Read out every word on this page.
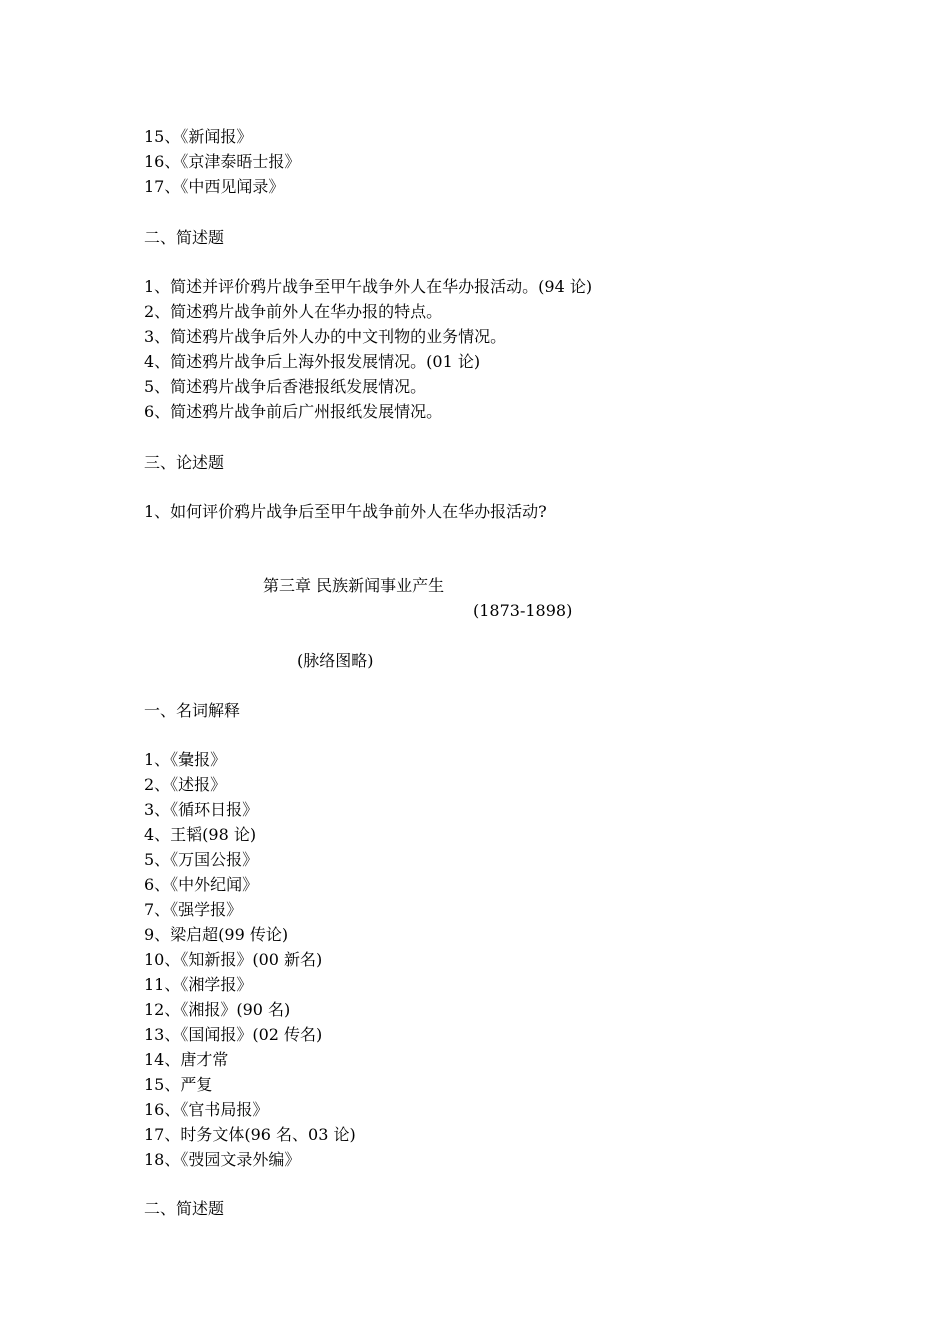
15、《新闻报》
16、《京津泰晤士报》
17、《中西见闻录》
二、简述题
1、简述并评价鸦片战争至甲午战争外人在华办报活动。(94 论)
2、简述鸦片战争前外人在华办报的特点。
3、简述鸦片战争后外人办的中文刊物的业务情况。
4、简述鸦片战争后上海外报发展情况。(01 论)
5、简述鸦片战争后香港报纸发展情况。
6、简述鸦片战争前后广州报纸发展情况。
三、论述题
1、如何评价鸦片战争后至甲午战争前外人在华办报活动?
第三章 民族新闻事业产生
(1873-1898)
(脉络图略)
一、名词解释
1、《彙报》
2、《述报》
3、《循环日报》
4、王韬(98 论)
5、《万国公报》
6、《中外纪闻》
7、《强学报》
9、梁启超(99 传论)
10、《知新报》(00 新名)
11、《湘学报》
12、《湘报》(90 名)
13、《国闻报》(02 传名)
14、唐才常
15、严复
16、《官书局报》
17、时务文体(96 名、03 论)
18、《弢园文录外编》
二、简述题
